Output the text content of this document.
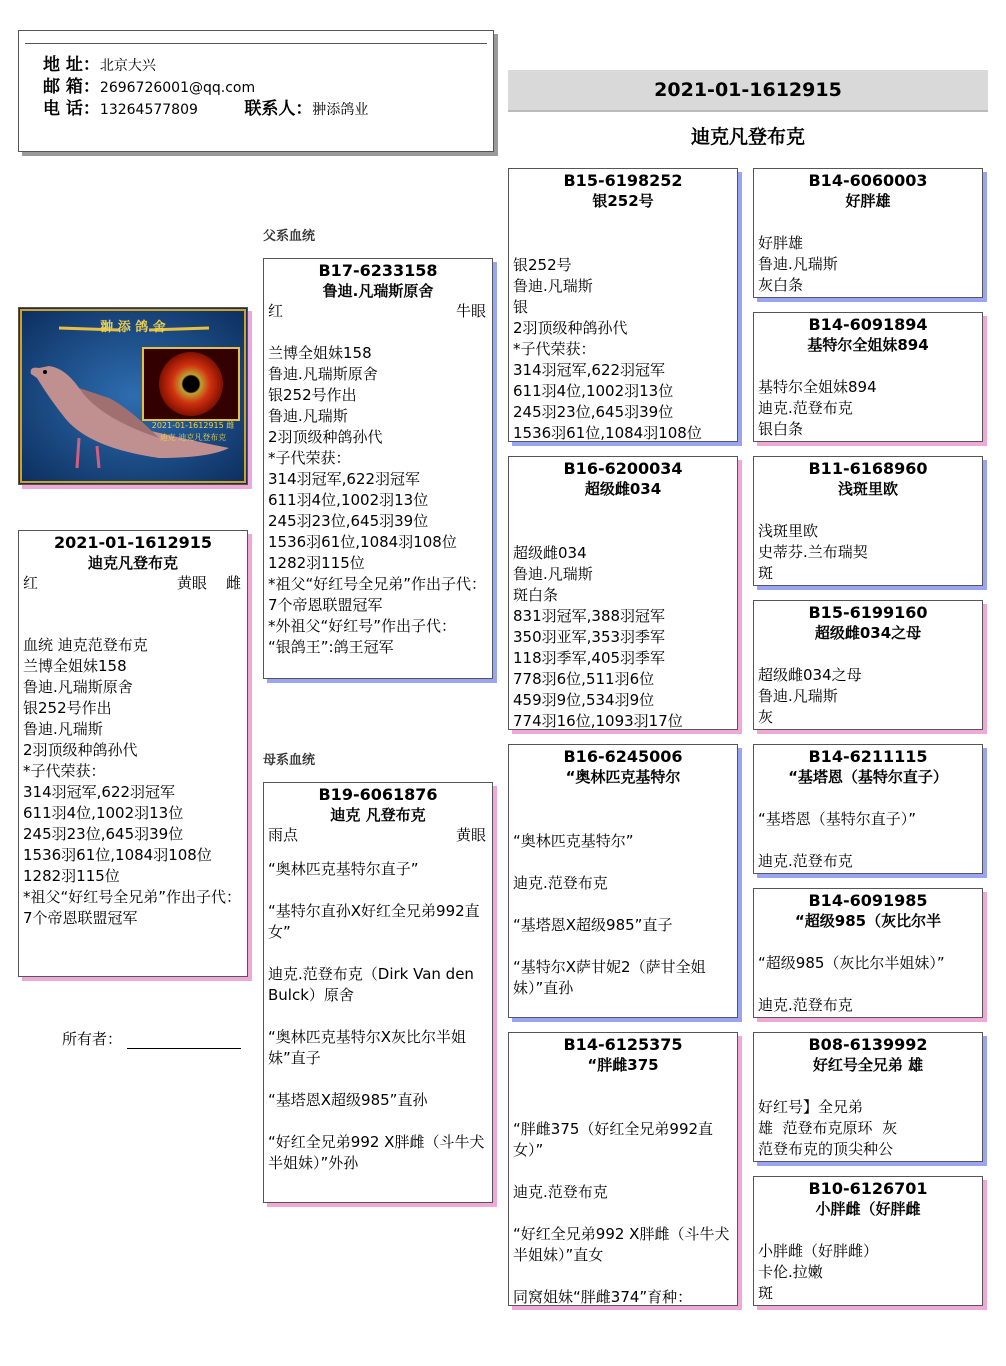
地 址：北京大兴
邮 箱：2696726001@qq.com
电 话：13264577809	联系人：翀添鸽业
2021-01-1612915
迪克凡登布克
翀 添 鸽 舍
2021-01-1612915 雌
迪克 迪克凡登布克
2021-01-1612915
迪克凡登布克
红	黄眼 雌
血统 迪克范登布克
兰博全姐妹158
鲁迪.凡瑞斯原舍
银252号作出
鲁迪.凡瑞斯
2羽顶级种鸽孙代
*子代荣获：
314羽冠军,622羽冠军
611羽4位,1002羽13位
245羽23位,645羽39位
1536羽61位,1084羽108位
1282羽115位
*祖父“好红号全兄弟”作出子代：
7个帝恩联盟冠军
所有者：
父系血统
母系血统
B17-6233158
鲁迪.凡瑞斯原舍
红	牛眼
兰博全姐妹158
鲁迪.凡瑞斯原舍
银252号作出
鲁迪.凡瑞斯
2羽顶级种鸽孙代
*子代荣获：
314羽冠军,622羽冠军
611羽4位,1002羽13位
245羽23位,645羽39位
1536羽61位,1084羽108位
1282羽115位
*祖父“好红号全兄弟”作出子代：
7个帝恩联盟冠军
*外祖父“好红号”作出子代：
“银鸽王”:鸽王冠军
B19-6061876
迪克 凡登布克
雨点	黄眼
“奥林匹克基特尔直子”

“基特尔直孙X好红全兄弟992直女”

迪克.范登布克（Dirk Van den Bulck）原舍

“奥林匹克基特尔X灰比尔半姐妹”直子

“基塔恩X超级985”直孙

“好红全兄弟992 X胖雌（斗牛犬半姐妹）”外孙
B15-6198252
银252号
银252号
鲁迪.凡瑞斯
银
2羽顶级种鸽孙代
*子代荣获：
314羽冠军,622羽冠军
611羽4位,1002羽13位
245羽23位,645羽39位
1536羽61位,1084羽108位
B16-6200034
超级雌034
超级雌034
鲁迪.凡瑞斯
斑白条
831羽冠军,388羽冠军
350羽亚军,353羽季军
118羽季军,405羽季军
778羽6位,511羽6位
459羽9位,534羽9位
774羽16位,1093羽17位
B16-6245006
“奥林匹克基特尔
“奥林匹克基特尔”

迪克.范登布克

“基塔恩X超级985”直子

“基特尔X萨甘妮2（萨甘全姐妹）”直孙
B14-6125375
“胖雌375
“胖雌375（好红全兄弟992直女）”

迪克.范登布克

“好红全兄弟992 X胖雌（斗牛犬半姐妹）”直女

同窝姐妹“胖雌374”育种：
B14-6060003
好胖雄
好胖雄
鲁迪.凡瑞斯
灰白条
B14-6091894
基特尔全姐妹894
基特尔全姐妹894
迪克.范登布克
银白条
B11-6168960
浅斑里欧
浅斑里欧
史蒂芬.兰布瑞契
斑
B15-6199160
超级雌034之母
超级雌034之母
鲁迪.凡瑞斯
灰
B14-6211115
“基塔恩（基特尔直子）
“基塔恩（基特尔直子）”

迪克.范登布克
B14-6091985
“超级985（灰比尔半
“超级985（灰比尔半姐妹）”

迪克.范登布克
B08-6139992
好红号全兄弟 雄
好红号】全兄弟
雄  范登布克原环  灰
范登布克的顶尖种公
B10-6126701
小胖雌（好胖雌
小胖雌（好胖雌）
卡伦.拉嫩
斑
